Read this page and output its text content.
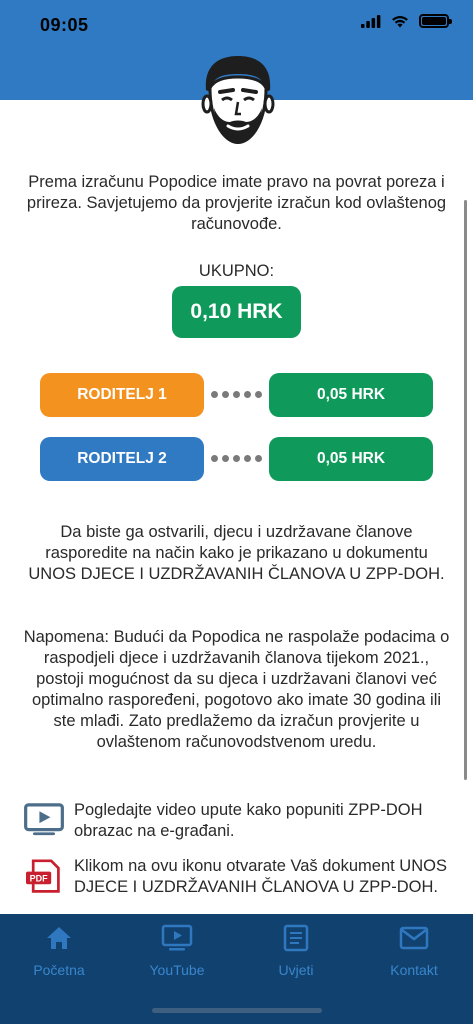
09:05

Prema izračunu Popodice imate pravo na povrat poreza i prireza. Savjetujemo da provjerite izračun kod ovlaštenog računovođe.

UKUPNO:
0,10 HRK
RODITELJ 1	0,05 HRK
RODITELJ 2	0,05 HRK

Da biste ga ostvarili, djecu i uzdržavane članove rasporedite na način kako je prikazano u dokumentu UNOS DJECE I UZDRŽAVANIH ČLANOVA U ZPP-DOH.

Napomena: Budući da Popodica ne raspolaže podacima o raspodjeli djece i uzdržavanih članova tijekom 2021., postoji mogućnost da su djeca i uzdržavani članovi već optimalno raspoređeni, pogotovo ako imate 30 godina ili ste mlađi. Zato predlažemo da izračun provjerite u ovlaštenom računovodstvenom uredu.

Pogledajte video upute kako popuniti ZPP-DOH obrazac na e-građani.
PDF
Klikom na ovu ikonu otvarate Vaš dokument UNOS DJECE I UZDRŽAVANIH ČLANOVA U ZPP-DOH.
Početna	YouTube	Uvjeti	Kontakt
